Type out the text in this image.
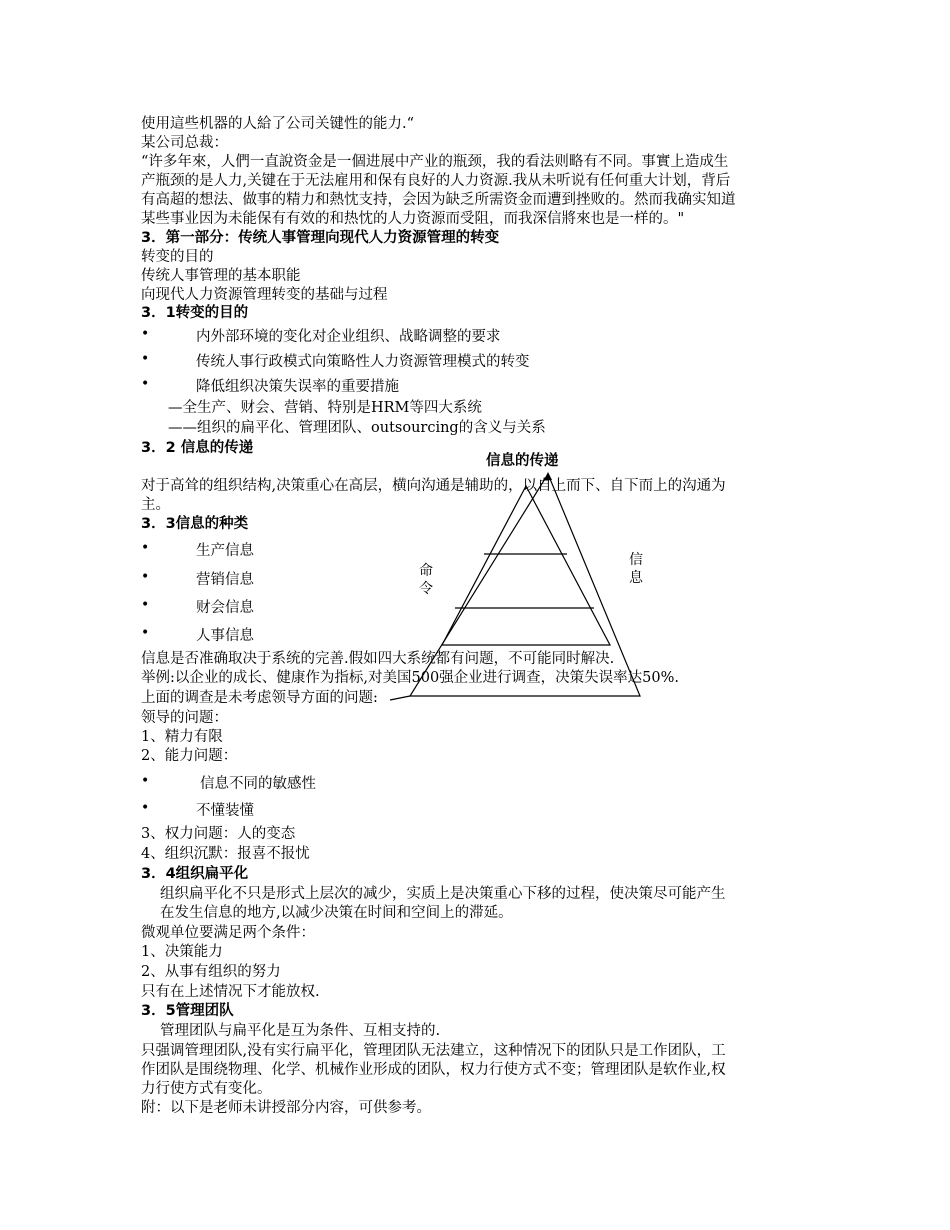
使用這些机器的人給了公司关键性的能力.“
某公司总裁：
“许多年來，人們一直說资金是一個进展中产业的瓶颈，我的看法则略有不同。事實上造成生
产瓶颈的是人力,关键在于无法雇用和保有良好的人力资源.我从未听说有任何重大计划，背后
有高超的想法、做事的精力和熱忱支持，会因为缺乏所需资金而遭到挫败的。然而我确实知道
某些事业因为未能保有有效的和热忱的人力资源而受阻，而我深信將來也是一样的。"
3．第一部分：传统人事管理向现代人力资源管理的转变
转变的目的
传统人事管理的基本职能
向现代人力资源管理转变的基础与过程
3．1转变的目的
•	内外部环境的变化对企业组织、战略调整的要求
•	传统人事行政模式向策略性人力资源管理模式的转变
•	降低组织决策失误率的重要措施
—全生产、财会、营销、特别是HRM等四大系统
——组织的扁平化、管理团队、outsourcing的含义与关系
3．2 信息的传递
信息的传递
命
令
信
息
对于高耸的组织结构,决策重心在高层，横向沟通是辅助的，以自上而下、自下而上的沟通为
主。
3．3信息的种类
•	生产信息
•	营销信息
•	财会信息
•	人事信息
信息是否准确取决于系统的完善.假如四大系统都有问题，不可能同时解决.
举例:以企业的成长、健康作为指标,对美国500强企业进行调查，决策失误率达50%.
上面的调查是未考虑领导方面的问题:
领导的问题：
1、精力有限
2、能力问题：
•	信息不同的敏感性
•	不懂装懂
3、权力问题：人的变态
4、组织沉默：报喜不报忧
3．4组织扁平化
组织扁平化不只是形式上层次的减少，实质上是决策重心下移的过程，使决策尽可能产生
在发生信息的地方,以减少决策在时间和空间上的滞延。
微观单位要满足两个条件：
1、决策能力
2、从事有组织的努力
只有在上述情况下才能放权.
3．5管理团队
管理团队与扁平化是互为条件、互相支持的.
只强调管理团队,没有实行扁平化，管理团队无法建立，这种情况下的团队只是工作团队，工
作团队是围绕物理、化学、机械作业形成的团队，权力行使方式不变；管理团队是软作业,权
力行使方式有变化。
附：以下是老师未讲授部分内容，可供参考。
